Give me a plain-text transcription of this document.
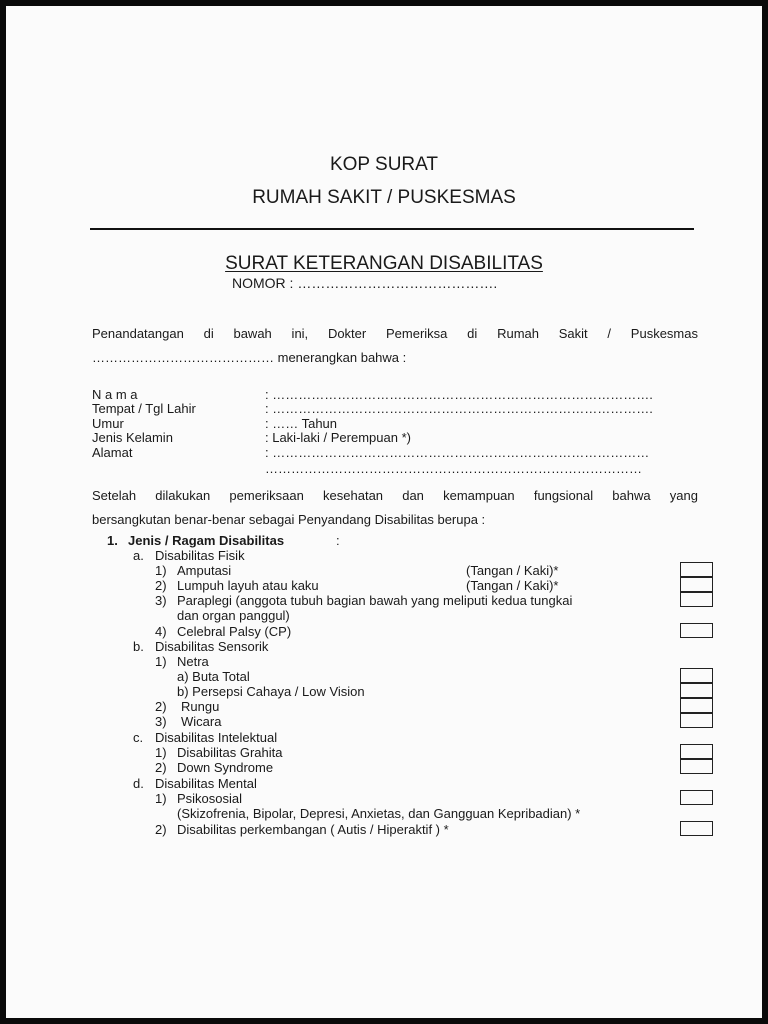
KOP SURAT
RUMAH SAKIT / PUSKESMAS
SURAT KETERANGAN DISABILITAS
NOMOR : …………………………………….
Penandatangan di bawah ini, Dokter Pemeriksa di Rumah Sakit / Puskesmas
…………………………………… menerangkan bahwa :
N a m a	: …………………………………………………………………………….
Tempat / Tgl Lahir	: …………………………………………………………………………….
Umur	: …… Tahun
Jenis Kelamin	: Laki-laki / Perempuan *)
Alamat	: ……………………………………………………………………………
……………………………………………………………………………
Setelah dilakukan pemeriksaan kesehatan dan kemampuan fungsional bahwa yang
bersangkutan benar-benar sebagai Penyandang Disabilitas berupa :
1. Jenis / Ragam Disabilitas	:
a. Disabilitas Fisik
1) Amputasi	(Tangan / Kaki)*
2) Lumpuh layuh atau kaku	(Tangan / Kaki)*
3) Paraplegi (anggota tubuh bagian bawah yang meliputi kedua tungkai
dan organ panggul)
4) Celebral Palsy (CP)
b. Disabilitas Sensorik
1) Netra
a) Buta Total
b) Persepsi Cahaya / Low Vision
2) Rungu
3) Wicara
c. Disabilitas Intelektual
1) Disabilitas Grahita
2) Down Syndrome
d. Disabilitas Mental
1) Psikososial
(Skizofrenia, Bipolar, Depresi, Anxietas, dan Gangguan Kepribadian) *
2) Disabilitas perkembangan ( Autis / Hiperaktif ) *
